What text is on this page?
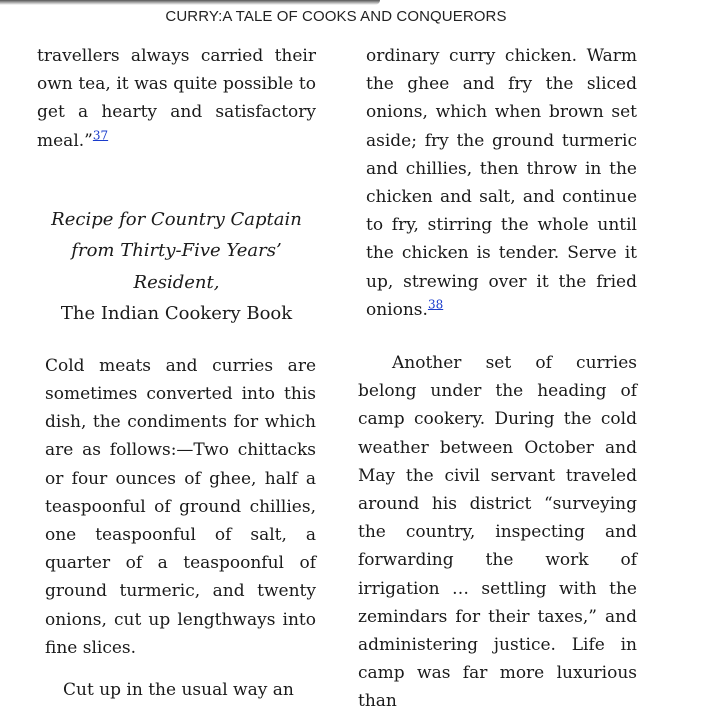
CURRY:A TALE OF COOKS AND CONQUERORS

travellers always carried their own tea, it was quite possible to get a hearty and satisfactory meal.”$^{37}$

Recipe for Country Captain
from Thirty-Five Years’
Resident,
The Indian Cookery Book

Cold meats and curries are sometimes converted into this dish, the condiments for which are as follows:—Two chittacks or four ounces of ghee, half a teaspoonful of ground chillies, one teaspoonful of salt, a quarter of a teaspoonful of ground turmeric, and twenty onions, cut up lengthways into fine slices.

Cut up in the usual way an

ordinary curry chicken. Warm the ghee and fry the sliced onions, which when brown set aside; fry the ground turmeric and chillies, then throw in the chicken and salt, and continue to fry, stirring the whole until the chicken is tender. Serve it up, strewing over it the fried onions.$^{38}$

Another set of curries belong under the heading of camp cookery. During the cold weather between October and May the civil servant traveled around his district “surveying the country, inspecting and forwarding the work of irrigation … settling with the zemindars for their taxes,” and administering justice. Life in camp was far more luxurious than
